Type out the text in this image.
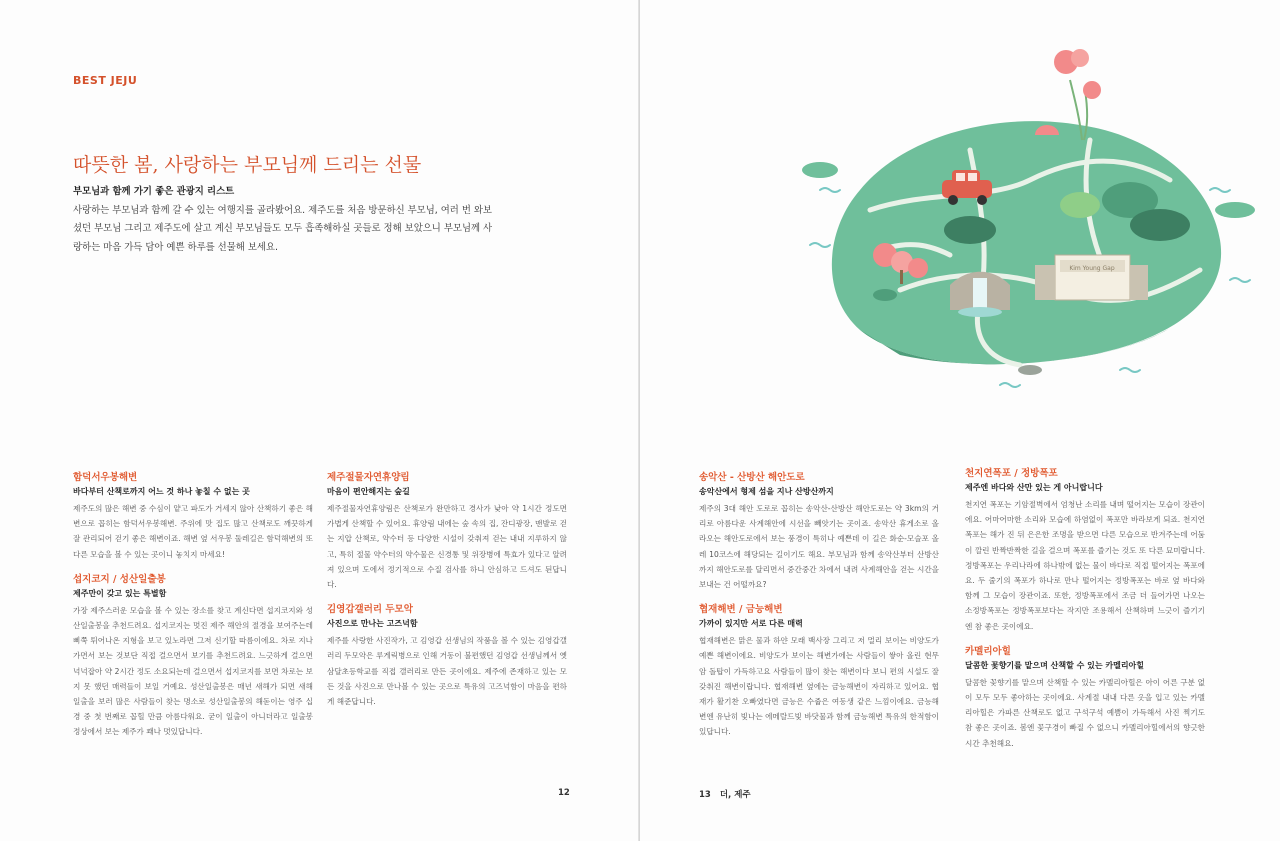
BEST JEJU
따뜻한 봄, 사랑하는 부모님께 드리는 선물
부모님과 함께 가기 좋은 관광지 리스트
사랑하는 부모님과 함께 갈 수 있는 여행지를 골라봤어요. 제주도를 처음 방문하신 부모님, 여러 번 와보셨던 부모님 그리고 제주도에 살고 계신 부모님들도 모두 흡족해하실 곳들로 정해 보았으니 부모님께 사랑하는 마음 가득 담아 예쁜 하루를 선물해 보세요.
함덕서우봉해변
바다부터 산책로까지 어느 것 하나 놓칠 수 없는 곳

제주도의 많은 해변 중 수심이 얕고 파도가 거세지 않아 산책하기 좋은 해변으로 꼽히는 함덕서우봉해변. 주위에 맛 집도 많고 산책로도 깨끗하게 잘 관리되어 걷기 좋은 해변이죠. 해변 옆 서우봉 둘레길은 함덕해변의 또 다른 모습을 볼 수 있는 곳이니 놓치지 마세요!

섭지코지 / 성산일출봉
제주만이 갖고 있는 특별함

가장 제주스러운 모습을 볼 수 있는 장소를 찾고 계신다면 섭지코지와 성산일출봉을 추천드려요. 섭지코지는 멋진 제주 해안의 절경을 보여주는데 삐쭉 튀어나온 지형을 보고 있노라면 그저 신기할 따름이에요. 차로 지나가면서 보는 것보단 직접 걸으면서 보기를 추천드려요. 느긋하게 걸으면 넉넉잡아 약 2시간 정도 소요되는데 걸으면서 섭지코지를 보면 차로는 보지 못 했던 매력들이 보일 거예요. 성산일출봉은 매년 새해가 되면 새해 일출을 보러 많은 사람들이 찾는 명소로 성산일출봉의 해돋이는 영주 십경 중 첫 번째로 꼽힐 만큼 아름다워요. 굳이 일출이 아니더라고 일출봉 정상에서 보는 제주가 꽤나 멋있답니다.

제주절물자연휴양림
마음이 편안해지는 숲길

제주절물자연휴양림은 산책로가 완만하고 경사가 낮아 약 1시간 정도면 가볍게 산책할 수 있어요. 휴양림 내에는 숲 속의 집, 잔디광장, 맨발로 걷는 지압 산책로, 약수터 등 다양한 시설이 갖춰져 걷는 내내 지루하지 않고, 특히 절물 약수터의 약수물은 신경통 및 위장병에 특효가 있다고 알려져 있으며 도에서 정기적으로 수질 검사를 하니 안심하고 드셔도 된답니다.

김영갑갤러리 두모악
사진으로 만나는 고즈넉함

제주를 사랑한 사진작가, 고 김영갑 선생님의 작품을 볼 수 있는 김영갑갤러리 두모악은 루게릭병으로 인해 거동이 불편했던 김영갑 선생님께서 옛 삼달초등학교를 직접 갤러리로 만든 곳이에요. 제주에 존재하고 있는 모든 것을 사진으로 만나볼 수 있는 곳으로 특유의 고즈넉함이 마음을 편하게 해준답니다.

12
Kim Young Gap
송악산 - 산방산 해안도로
송악산에서 형제 섬을 지나 산방산까지

제주의 3대 해안 도로로 꼽히는 송악산-산방산 해안도로는 약 3km의 거리로 아름다운 사계해안에 시선을 빼앗기는 곳이죠. 송악산 휴게소로 올라오는 해안도로에서 보는 풍경이 특히나 예쁜데 이 길은 화순-모슬포 올레 10코스에 해당되는 길이기도 해요. 부모님과 함께 송악산부터 산방산까지 해안도로를 달리면서 중간중간 차에서 내려 사계해안을 걷는 시간을 보내는 건 어떨까요?

협재해변 / 금능해변
가까이 있지만 서로 다른 매력

협재해변은 맑은 물과 하얀 모래 백사장 그리고 저 멀리 보이는 비양도가 예쁜 해변이에요. 비양도가 보이는 해변가에는 사람들이 쌓아 올린 현무암 돌탑이 가득하고요 사람들이 많이 찾는 해변이다 보니 편의 시설도 잘 갖춰진 해변이랍니다. 협재해변 옆에는 금능해변이 자리하고 있어요. 협재가 활기찬 오빠였다면 금능은 수줍은 여동생 같은 느낌이에요. 금능해변엔 유난히 빛나는 에메랄드빛 바닷물과 함께 금능해변 특유의 한적함이 있답니다.

천지연폭포 / 정방폭포
제주엔 바다와 산만 있는 게 아니랍니다

천지연 폭포는 기암절벽에서 엄청난 소리를 내며 떨어지는 모습이 장관이에요. 어마어마한 소리와 모습에 하염없이 폭포만 바라보게 되죠. 천지연폭포는 해가 진 뒤 은은한 조명을 받으면 다른 모습으로 반겨주는데 어둠이 깔린 반짝반짝한 길을 걸으며 폭포를 즐기는 것도 또 다른 묘미랍니다. 정방폭포는 우리나라에 하나밖에 없는 물이 바다로 직접 떨어지는 폭포에요. 두 줄기의 폭포가 하나로 만나 떨어지는 정방폭포는 바로 옆 바다와 함께 그 모습이 장관이죠. 또한, 정방폭포에서 조금 더 들어가면 나오는 소정방폭포는 정방폭포보다는 작지만 조용해서 산책하며 느긋이 즐기기엔 참 좋은 곳이에요.

카멜리아힐
달콤한 꽃향기를 맡으며 산책할 수 있는 카멜리아힐

달콤한 꽃향기를 맡으며 산책할 수 있는 카멜리아힐은 아이 어른 구분 없이 모두 모두 좋아하는 곳이에요. 사계절 내내 다른 옷을 입고 있는 카멜리아힐은 가파른 산책로도 없고 구석구석 예쁨이 가득해서 사진 찍기도 참 좋은 곳이죠. 봄엔 꽃구경이 빠질 수 없으니 카멜리아힐에서의 향긋한 시간 추천해요.

13 더, 제주
